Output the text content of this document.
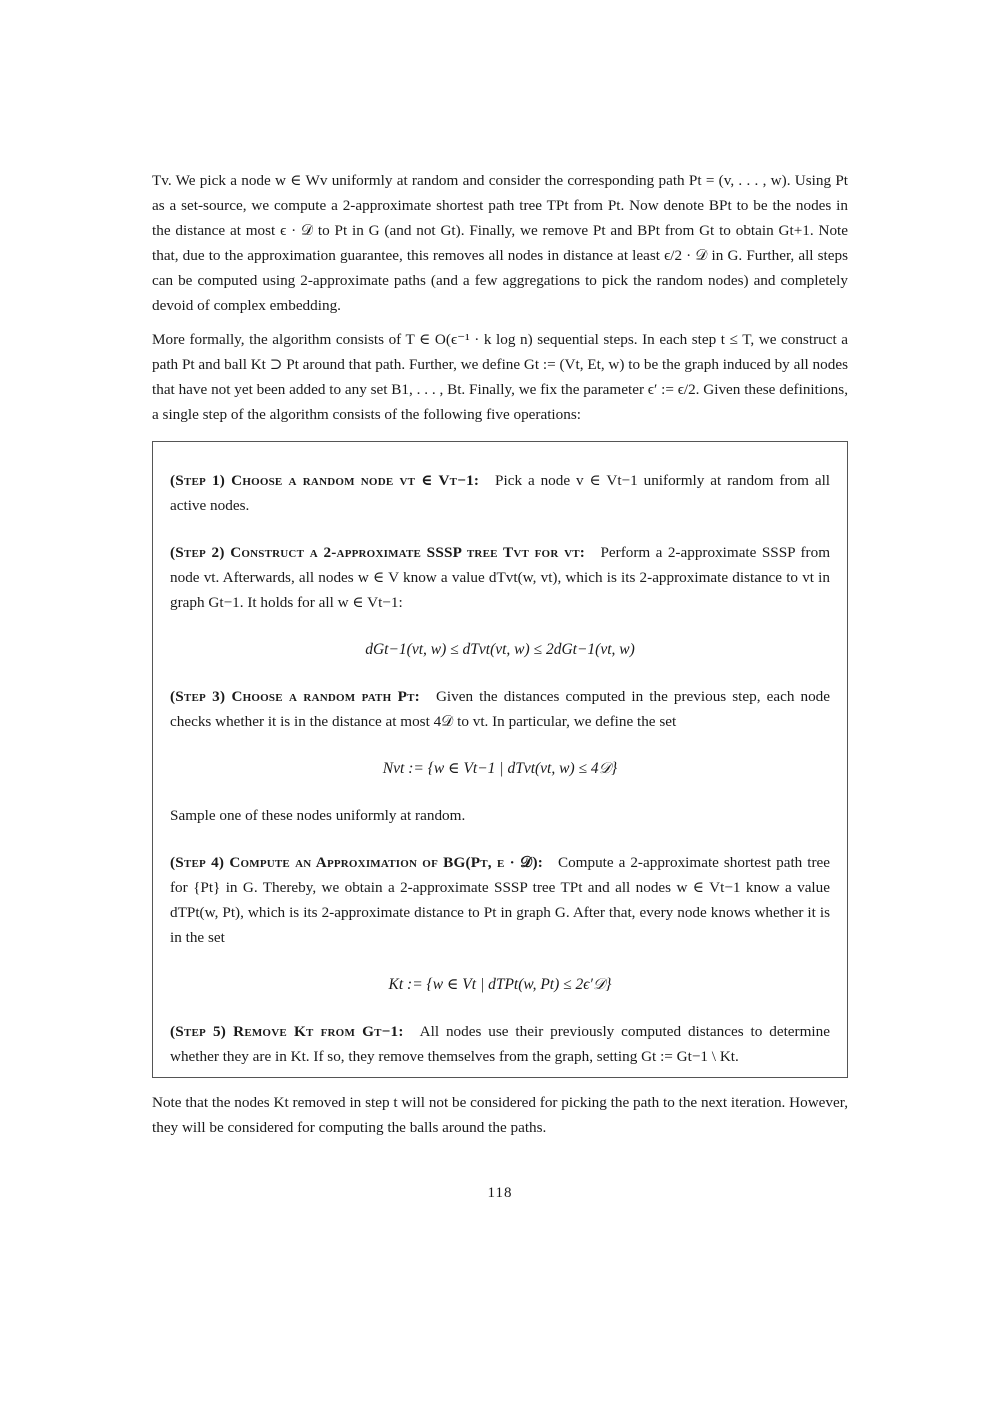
Tv. We pick a node w ∈ Wv uniformly at random and consider the corresponding path Pt = (v, . . . , w). Using Pt as a set-source, we compute a 2-approximate shortest path tree TPt from Pt. Now denote BPt to be the nodes in the distance at most ϵ · 𝒟 to Pt in G (and not Gt). Finally, we remove Pt and BPt from Gt to obtain Gt+1. Note that, due to the approximation guarantee, this removes all nodes in distance at least ϵ/2 · 𝒟 in G. Further, all steps can be computed using 2-approximate paths (and a few aggregations to pick the random nodes) and completely devoid of complex embedding.

More formally, the algorithm consists of T ∈ O(ϵ⁻¹ · k log n) sequential steps. In each step t ≤ T, we construct a path Pt and ball Kt ⊃ Pt around that path. Further, we define Gt := (Vt, Et, w) to be the graph induced by all nodes that have not yet been added to any set B1, . . . , Bt. Finally, we fix the parameter ϵ′ := ϵ/2. Given these definitions, a single step of the algorithm consists of the following five operations:

(Step 1) Choose a random node vt ∈ Vt−1: Pick a node v ∈ Vt−1 uniformly at random from all active nodes.

(Step 2) Construct a 2-approximate SSSP tree Tvt for vt: Perform a 2-approximate SSSP from node vt. Afterwards, all nodes w ∈ V know a value dTvt(w, vt), which is its 2-approximate distance to vt in graph Gt−1. It holds for all w ∈ Vt−1:

dGt−1(vt, w) ≤ dTvt(vt, w) ≤ 2dGt−1(vt, w)

(Step 3) Choose a random path Pt: Given the distances computed in the previous step, each node checks whether it is in the distance at most 4𝒟 to vt. In particular, we define the set

Nvt := {w ∈ Vt−1 | dTvt(vt, w) ≤ 4𝒟}

Sample one of these nodes uniformly at random.

(Step 4) Compute an Approximation of BG(Pt, ϵ · 𝒟): Compute a 2-approximate shortest path tree for {Pt} in G. Thereby, we obtain a 2-approximate SSSP tree TPt and all nodes w ∈ Vt−1 know a value dTPt(w, Pt), which is its 2-approximate distance to Pt in graph G. After that, every node knows whether it is in the set

Kt := {w ∈ Vt | dTPt(w, Pt) ≤ 2ϵ′𝒟}

(Step 5) Remove Kt from Gt−1: All nodes use their previously computed distances to determine whether they are in Kt. If so, they remove themselves from the graph, setting Gt := Gt−1 \ Kt.

Note that the nodes Kt removed in step t will not be considered for picking the path to the next iteration. However, they will be considered for computing the balls around the paths.

118
